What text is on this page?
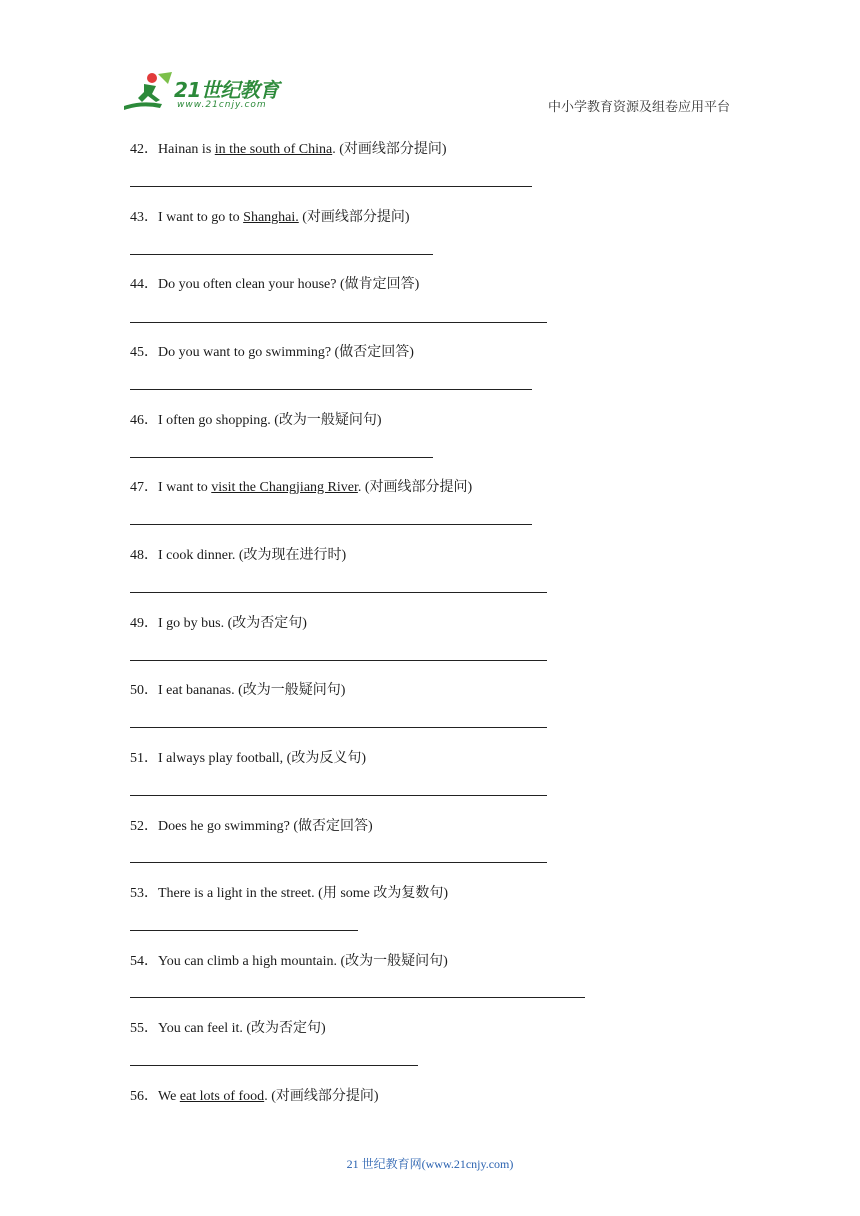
21世纪教育
www.21cnjy.com	中小学教育资源及组卷应用平台
42．Hainan is in the south of China. (对画线部分提问)
43．I want to go to Shanghai. (对画线部分提问)
44．Do you often clean your house? (做肯定回答)
45．Do you want to go swimming? (做否定回答)
46．I often go shopping. (改为一般疑问句)
47．I want to visit the Changjiang River. (对画线部分提问)
48．I cook dinner. (改为现在进行时)
49．I go by bus. (改为否定句)
50．I eat bananas. (改为一般疑问句)
51．I always play football, (改为反义句)
52．Does he go swimming? (做否定回答)
53．There is a light in the street. (用 some 改为复数句)
54．You can climb a high mountain. (改为一般疑问句)
55．You can feel it. (改为否定句)
56．We eat lots of food. (对画线部分提问)
21 世纪教育网(www.21cnjy.com)
